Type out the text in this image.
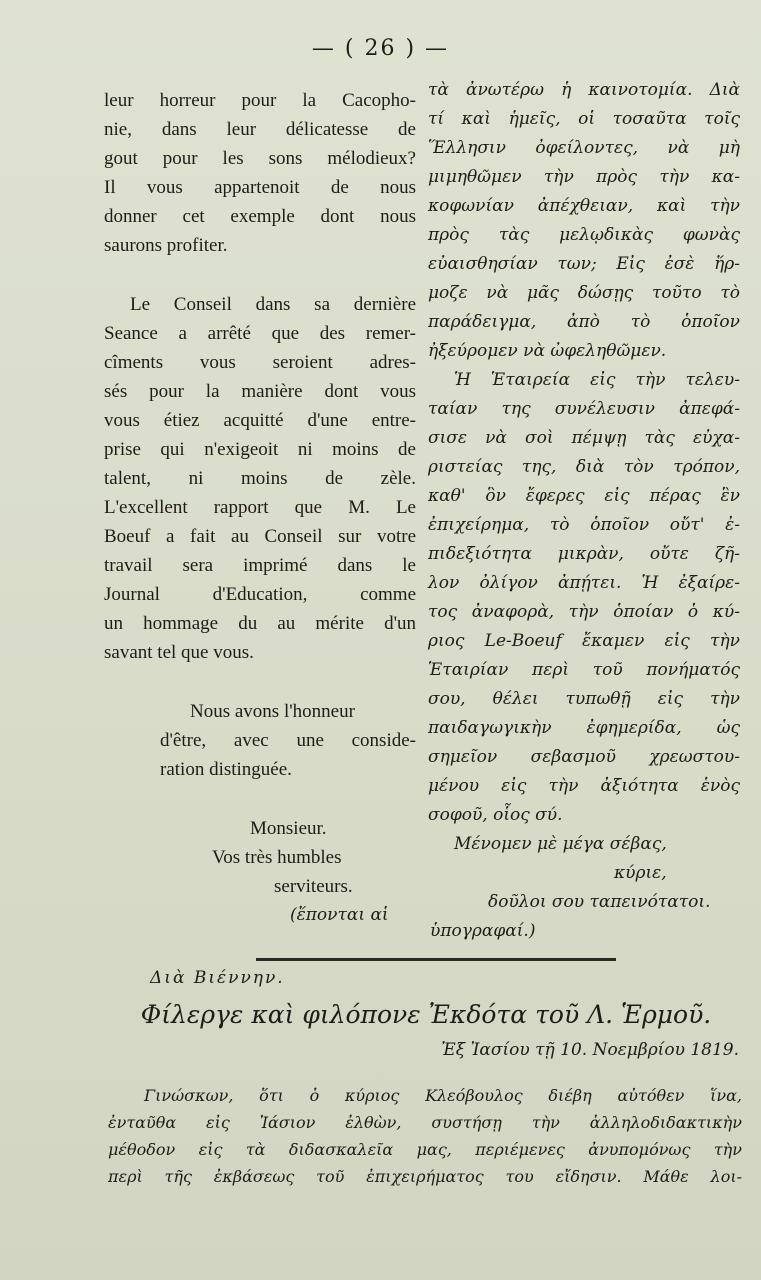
— ( 26 ) —
leur horreur pour la Cacopho-
nie, dans leur délicatesse de
gout pour les sons mélodieux?
Il vous appartenoit de nous
donner cet exemple dont nous
saurons profiter.
Le Conseil dans sa dernière
Seance a arrêté que des remer-
cîments vous seroient adres-
sés pour la manière dont vous
vous étiez acquitté d'une entre-
prise qui n'exigeoit ni moins de
talent, ni moins de zèle.
L'excellent rapport que M. Le
Boeuf a fait au Conseil sur votre
travail sera imprimé dans le
Journal d'Education, comme
un hommage du au mérite d'un
savant tel que vous.
Nous avons l'honneur
d'être, avec une conside-
ration distinguée.
Monsieur.
Vos très humbles
serviteurs.
(ἕπονται αἱ
τὰ ἀνωτέρω ἡ καινοτομία. Διὰ
τί καὶ ἡμεῖς, οἱ τοσαῦτα τοῖς
Ἕλλησιν ὀφείλοντες, νὰ μὴ
μιμηθῶμεν τὴν πρὸς τὴν κα-
κοφωνίαν ἀπέχθειαν, καὶ τὴν
πρὸς τὰς μελῳδικὰς φωνὰς
εὐαισθησίαν των; Εἰς ἐσὲ ἥρ-
μοζε νὰ μᾶς δώσῃς τοῦτο τὸ
παράδειγμα, ἀπὸ τὸ ὁποῖον
ἠξεύρομεν νὰ ὠφεληθῶμεν.
Ἡ Ἑταιρεία εἰς τὴν τελευ-
ταίαν της συνέλευσιν ἀπεφά-
σισε νὰ σοὶ πέμψῃ τὰς εὐχα-
ριστείας της, διὰ τὸν τρόπον,
καθ' ὃν ἔφερες εἰς πέρας ἓν
ἐπιχείρημα, τὸ ὁποῖον οὔτ' ἐ-
πιδεξιότητα μικρὰν, οὔτε ζῆ-
λον ὀλίγον ἀπῄτει. Ἡ ἐξαίρε-
τος ἀναφορὰ, τὴν ὁποίαν ὁ κύ-
ριος Le-Boeuf ἔκαμεν εἰς τὴν
Ἑταιρίαν περὶ τοῦ πονήματός
σου, θέλει τυπωθῇ εἰς τὴν
παιδαγωγικὴν ἐφημερίδα, ὡς
σημεῖον σεβασμοῦ χρεωστου-
μένου εἰς τὴν ἀξιότητα ἑνὸς
σοφοῦ, οἷος σύ.
Μένομεν μὲ μέγα σέβας,
κύριε,
δοῦλοι σου ταπεινότατοι.
ὑπογραφαί.)
Διὰ Βιέννην.
Φίλεργε καὶ φιλόπονε Ἐκδότα τοῦ Λ. Ἑρμοῦ.
Ἐξ Ἰασίου τῇ 10. Νοεμβρίου 1819.
Γινώσκων, ὅτι ὁ κύριος Κλεόβουλος διέβη αὐτόθεν ἵνα,
ἐνταῦθα εἰς Ἰάσιον ἐλθὼν, συστήσῃ τὴν ἀλληλοδιδακτικὴν
μέθοδον εἰς τὰ διδασκαλεῖα μας, περιέμενες ἀνυπομόνως τὴν
περὶ τῆς ἐκβάσεως τοῦ ἐπιχειρήματος του εἴδησιν. Μάθε λοι-
